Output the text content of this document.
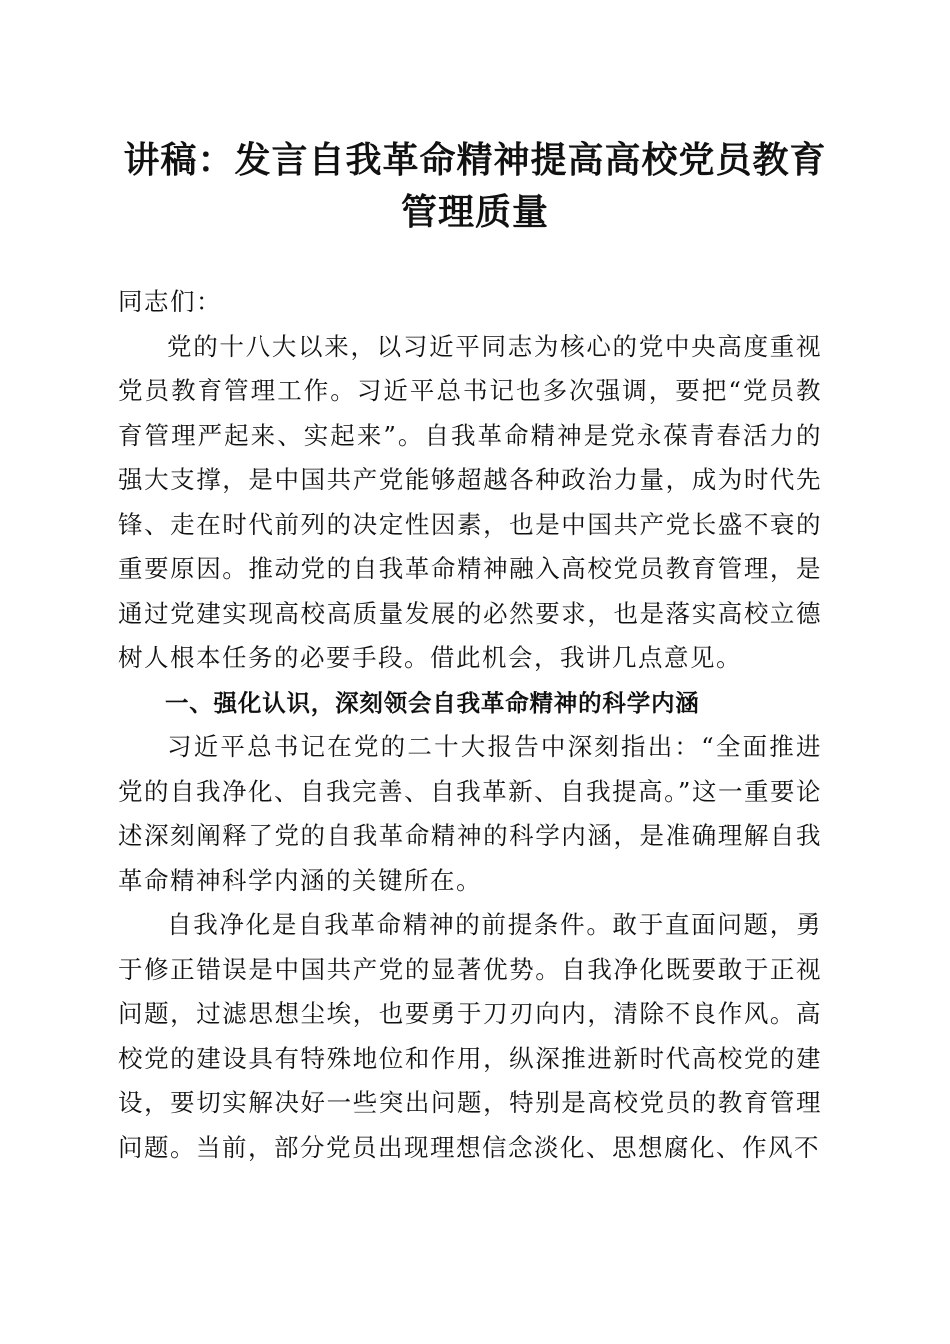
讲稿：发言自我革命精神提高高校党员教育管理质量

同志们：

党的十八大以来，以习近平同志为核心的党中央高度重视党员教育管理工作。习近平总书记也多次强调，要把“党员教育管理严起来、实起来”。自我革命精神是党永葆青春活力的强大支撑，是中国共产党能够超越各种政治力量，成为时代先锋、走在时代前列的决定性因素，也是中国共产党长盛不衰的重要原因。推动党的自我革命精神融入高校党员教育管理，是通过党建实现高校高质量发展的必然要求，也是落实高校立德树人根本任务的必要手段。借此机会，我讲几点意见。

一、强化认识，深刻领会自我革命精神的科学内涵

习近平总书记在党的二十大报告中深刻指出：“全面推进党的自我净化、自我完善、自我革新、自我提高。”这一重要论述深刻阐释了党的自我革命精神的科学内涵，是准确理解自我革命精神科学内涵的关键所在。

自我净化是自我革命精神的前提条件。敢于直面问题，勇于修正错误是中国共产党的显著优势。自我净化既要敢于正视问题，过滤思想尘埃，也要勇于刀刃向内，清除不良作风。高校党的建设具有特殊地位和作用，纵深推进新时代高校党的建设，要切实解决好一些突出问题，特别是高校党员的教育管理问题。当前，部分党员出现理想信念淡化、思想腐化、作风不
